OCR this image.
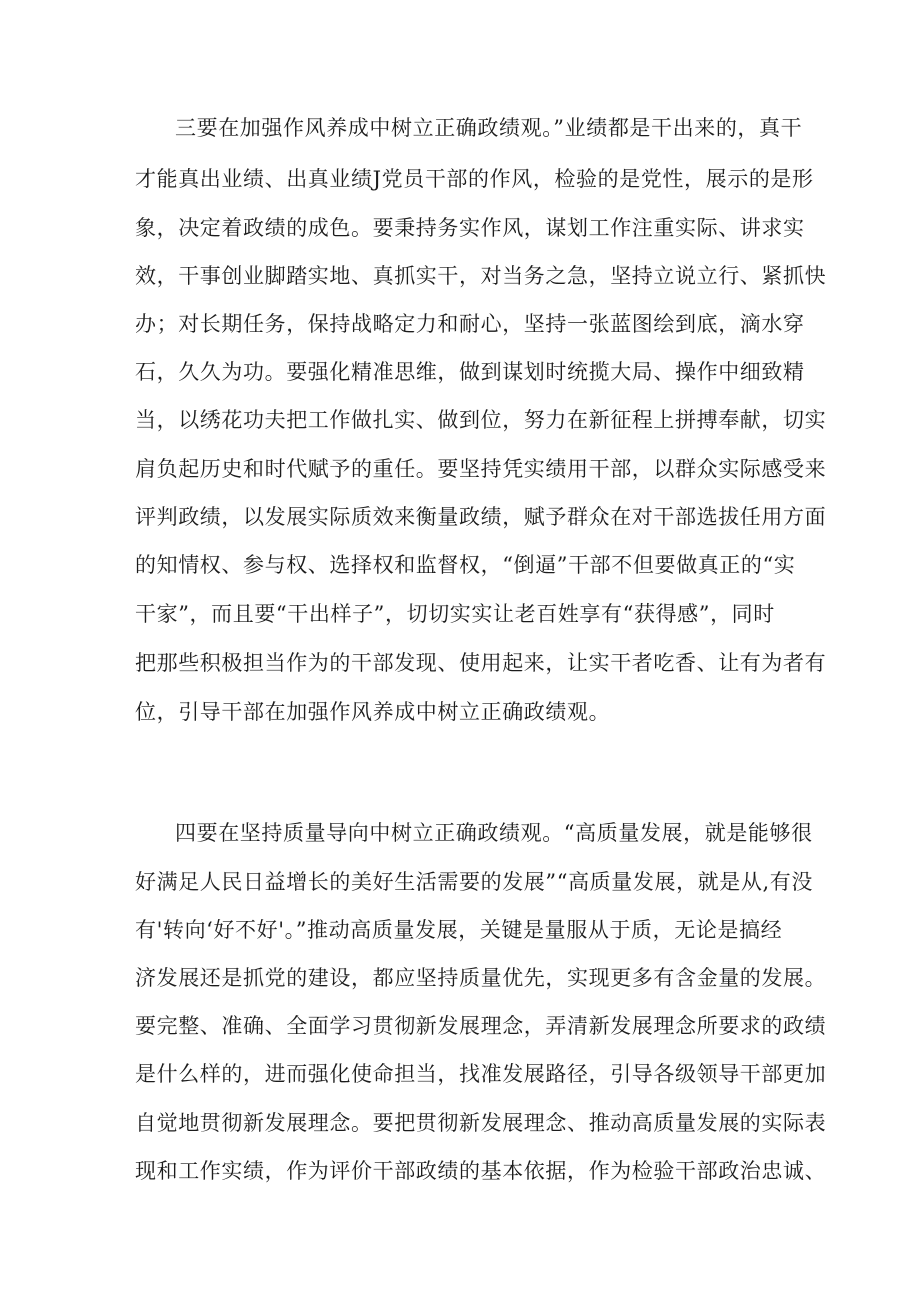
三要在加强作风养成中树立正确政绩观。”业绩都是干出来的，真干

才能真出业绩、出真业绩J党员干部的作风，检验的是党性，展示的是形

象，决定着政绩的成色。要秉持务实作风，谋划工作注重实际、讲求实

效，干事创业脚踏实地、真抓实干，对当务之急，坚持立说立行、紧抓快

办；对长期任务，保持战略定力和耐心，坚持一张蓝图绘到底，滴水穿

石，久久为功。要强化精准思维，做到谋划时统揽大局、操作中细致精

当，以绣花功夫把工作做扎实、做到位，努力在新征程上拼搏奉献，切实

肩负起历史和时代赋予的重任。要坚持凭实绩用干部，以群众实际感受来

评判政绩，以发展实际质效来衡量政绩，赋予群众在对干部选拔任用方面

的知情权、参与权、选择权和监督权，“倒逼”干部不但要做真正的“实

干家”，而且要“干出样子”，切切实实让老百姓享有“获得感”，同时

把那些积极担当作为的干部发现、使用起来，让实干者吃香、让有为者有

位，引导干部在加强作风养成中树立正确政绩观。

四要在坚持质量导向中树立正确政绩观。“高质量发展，就是能够很

好满足人民日益增长的美好生活需要的发展”“高质量发展，就是从,有没

有'转向‘好不好'。”推动高质量发展，关键是量服从于质，无论是搞经

济发展还是抓党的建设，都应坚持质量优先，实现更多有含金量的发展。

要完整、准确、全面学习贯彻新发展理念，弄清新发展理念所要求的政绩

是什么样的，进而强化使命担当，找准发展路径，引导各级领导干部更加

自觉地贯彻新发展理念。要把贯彻新发展理念、推动高质量发展的实际表

现和工作实绩，作为评价干部政绩的基本依据，作为检验干部政治忠诚、
